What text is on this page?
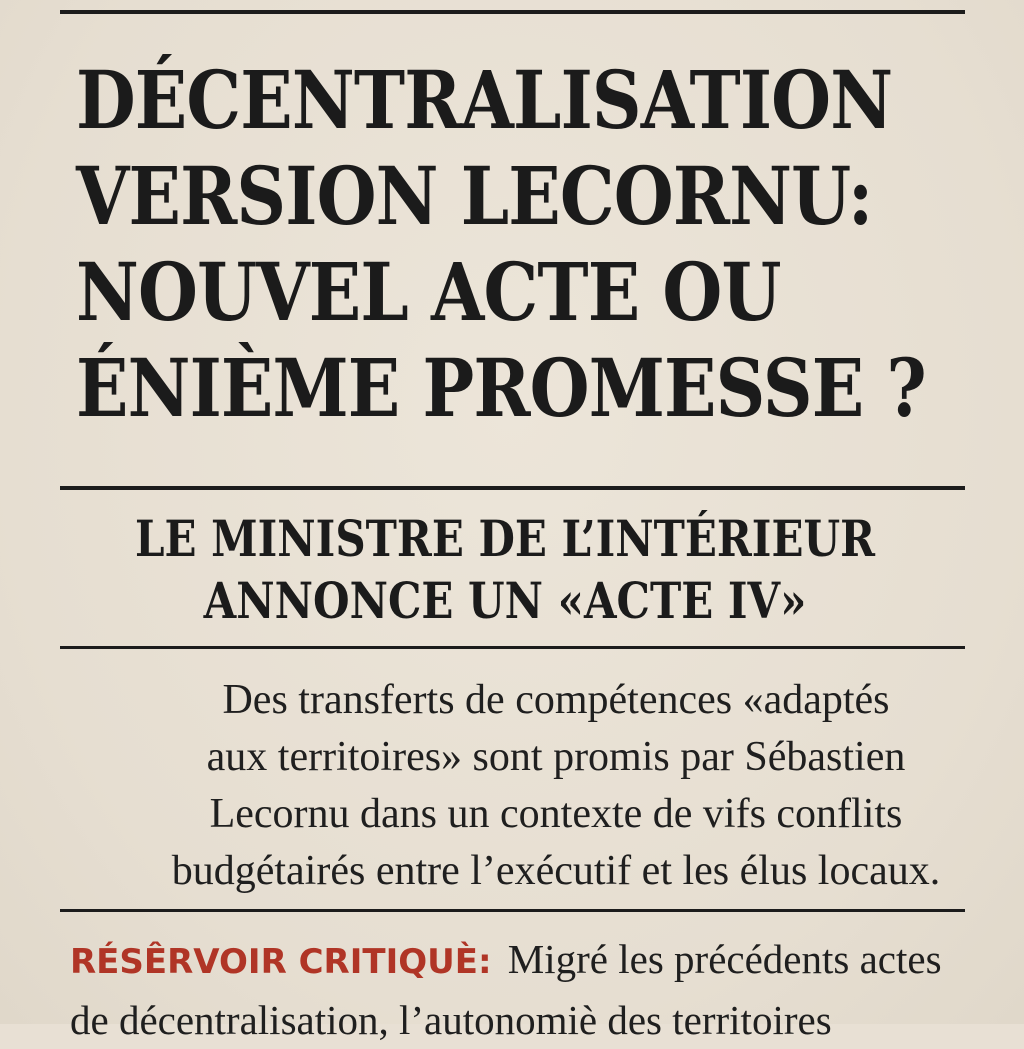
DÉCENTRALISATION
VERSION LECORNU:
NOUVEL ACTE OU
ÉNIÈME PROMESSE ?
LE MINISTRE DE L’INTÉRIEUR
ANNONCE UN «ACTE IV»

Des transferts de compétences «adaptés
aux territoires» sont promis par Sébastien
Lecornu dans un contexte de vifs conflits
budgétairés entre l’exécutif et les élus locaux.

RÉSÊRVOIR CRITIQUÈ: Migré les précédents actes
de décentralisation, l’autonomiè des territoires
